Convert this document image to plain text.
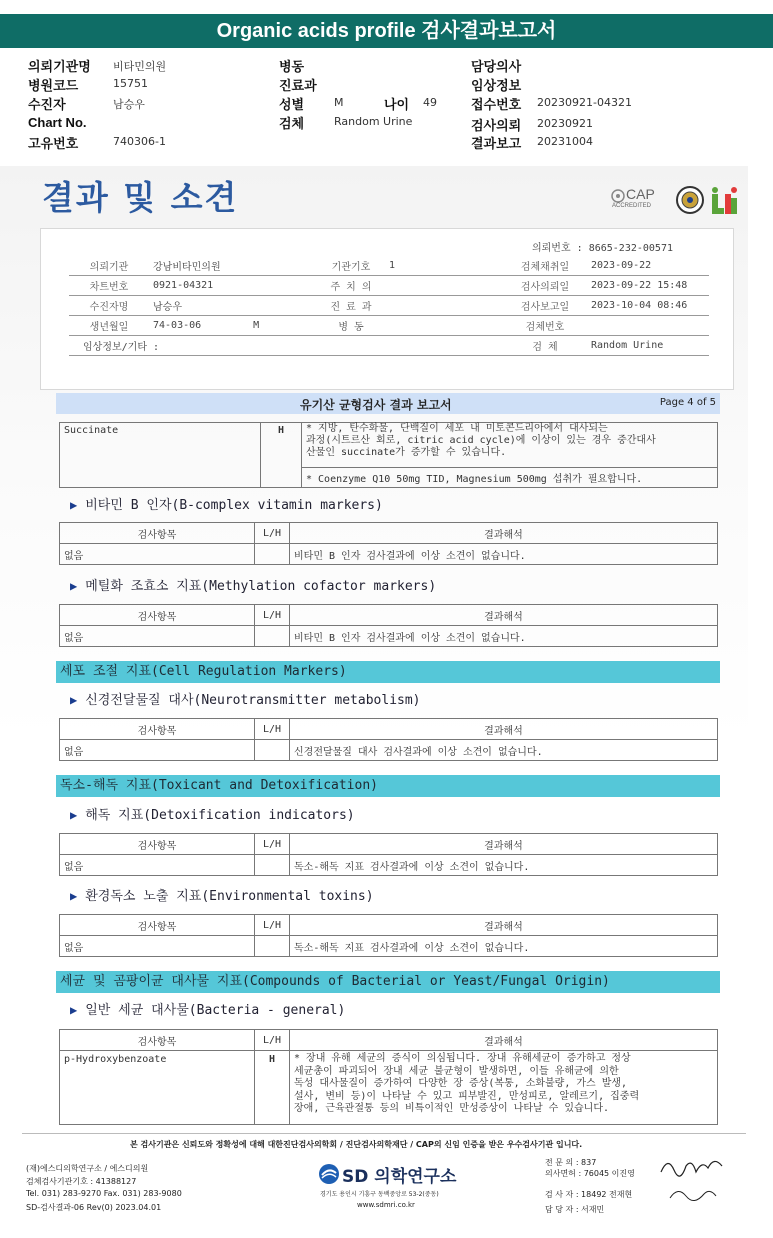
Organic acids profile 검사결과보고서
의뢰기관명 비타민의원
병원코드	15751
수진자	남승우
Chart No.
고유번호	740306-1
병동
진료과
성별	M	나이 49
검체	Random Urine
담당의사
임상정보
접수번호 20230921-04321
검사의뢰 20230921
결과보고 20231004
결과 및 소견	CAP
ACCREDITED
의뢰번호 : 8665-232-00571
의뢰기관	강남비타민의원	기관기호	1	검체채취일	2023-09-22
차트번호	0921-04321	주 치 의		검사의뢰일	2023-09-22 15:48
수진자명	남승우	진 료 과		검사보고일	2023-10-04 08:46
생년월일	74-03-06 M	병 동		검체번호	
임상정보/기타 :				검 체	Random Urine
유기산 균형검사 결과 보고서	Page 4 of 5
Succinate	H	* 지방, 탄수화물, 단백질이 세포 내 미토콘드리아에서 대사되는
과정(시트르산 회로, citric acid cycle)에 이상이 있는 경우 중간대사
산물인 succinate가 증가할 수 있습니다.

* Coenzyme Q10 50mg TID, Magnesium 500mg 섭취가 필요합니다.
▶ 비타민 B 인자(B-complex vitamin markers)
검사항목	L/H	결과해석
없음		비타민 B 인자 검사결과에 이상 소견이 없습니다.
▶ 메틸화 조효소 지표(Methylation cofactor markers)
검사항목	L/H	결과해석
없음		비타민 B 인자 검사결과에 이상 소견이 없습니다.
세포 조절 지표(Cell Regulation Markers)
▶ 신경전달물질 대사(Neurotransmitter metabolism)
검사항목	L/H	결과해석
없음		신경전달물질 대사 검사결과에 이상 소견이 없습니다.
독소-해독 지표(Toxicant and Detoxification)
▶ 해독 지표(Detoxification indicators)
검사항목	L/H	결과해석
없음		독소-해독 지표 검사결과에 이상 소견이 없습니다.
▶ 환경독소 노출 지표(Environmental toxins)
검사항목	L/H	결과해석
없음		독소-해독 지표 검사결과에 이상 소견이 없습니다.
세균 및 곰팡이균 대사물 지표(Compounds of Bacterial or Yeast/Fungal Origin)
▶ 일반 세균 대사물(Bacteria - general)
검사항목	L/H	결과해석
p-Hydroxybenzoate	H	* 장내 유해 세균의 증식이 의심됩니다. 장내 유해세균이 증가하고 정상
세균총이 파괴되어 장내 세균 불균형이 발생하면, 이들 유해균에 의한
독성 대사물질이 증가하여 다양한 장 증상(복통, 소화불량, 가스 발생,
설사, 변비 등)이 나타날 수 있고 피부발진, 만성피로, 알레르기, 집중력
장애, 근육관절통 등의 비특이적인 만성증상이 나타날 수 있습니다.
본 검사기관은 신뢰도와 정확성에 대해 대한진단검사의학회 / 진단검사의학재단 / CAP의 신임 인증을 받은 우수검사기관 입니다.
(재)에스디의학연구소 / 에스디의원
검체검사기관기호 : 41388127
Tel. 031) 283-9270 Fax. 031) 283-9080
SD-검사결과-06 Rev(0) 2023.04.01
SD 의학연구소
경기도 용인시 기흥구 동백중앙로 53-2(중동)
www.sdmri.co.kr
전 문 의 : 837
의사면허 : 76045 이진영
검 사 자 : 18492 전재현
담 당 자 : 서재민
